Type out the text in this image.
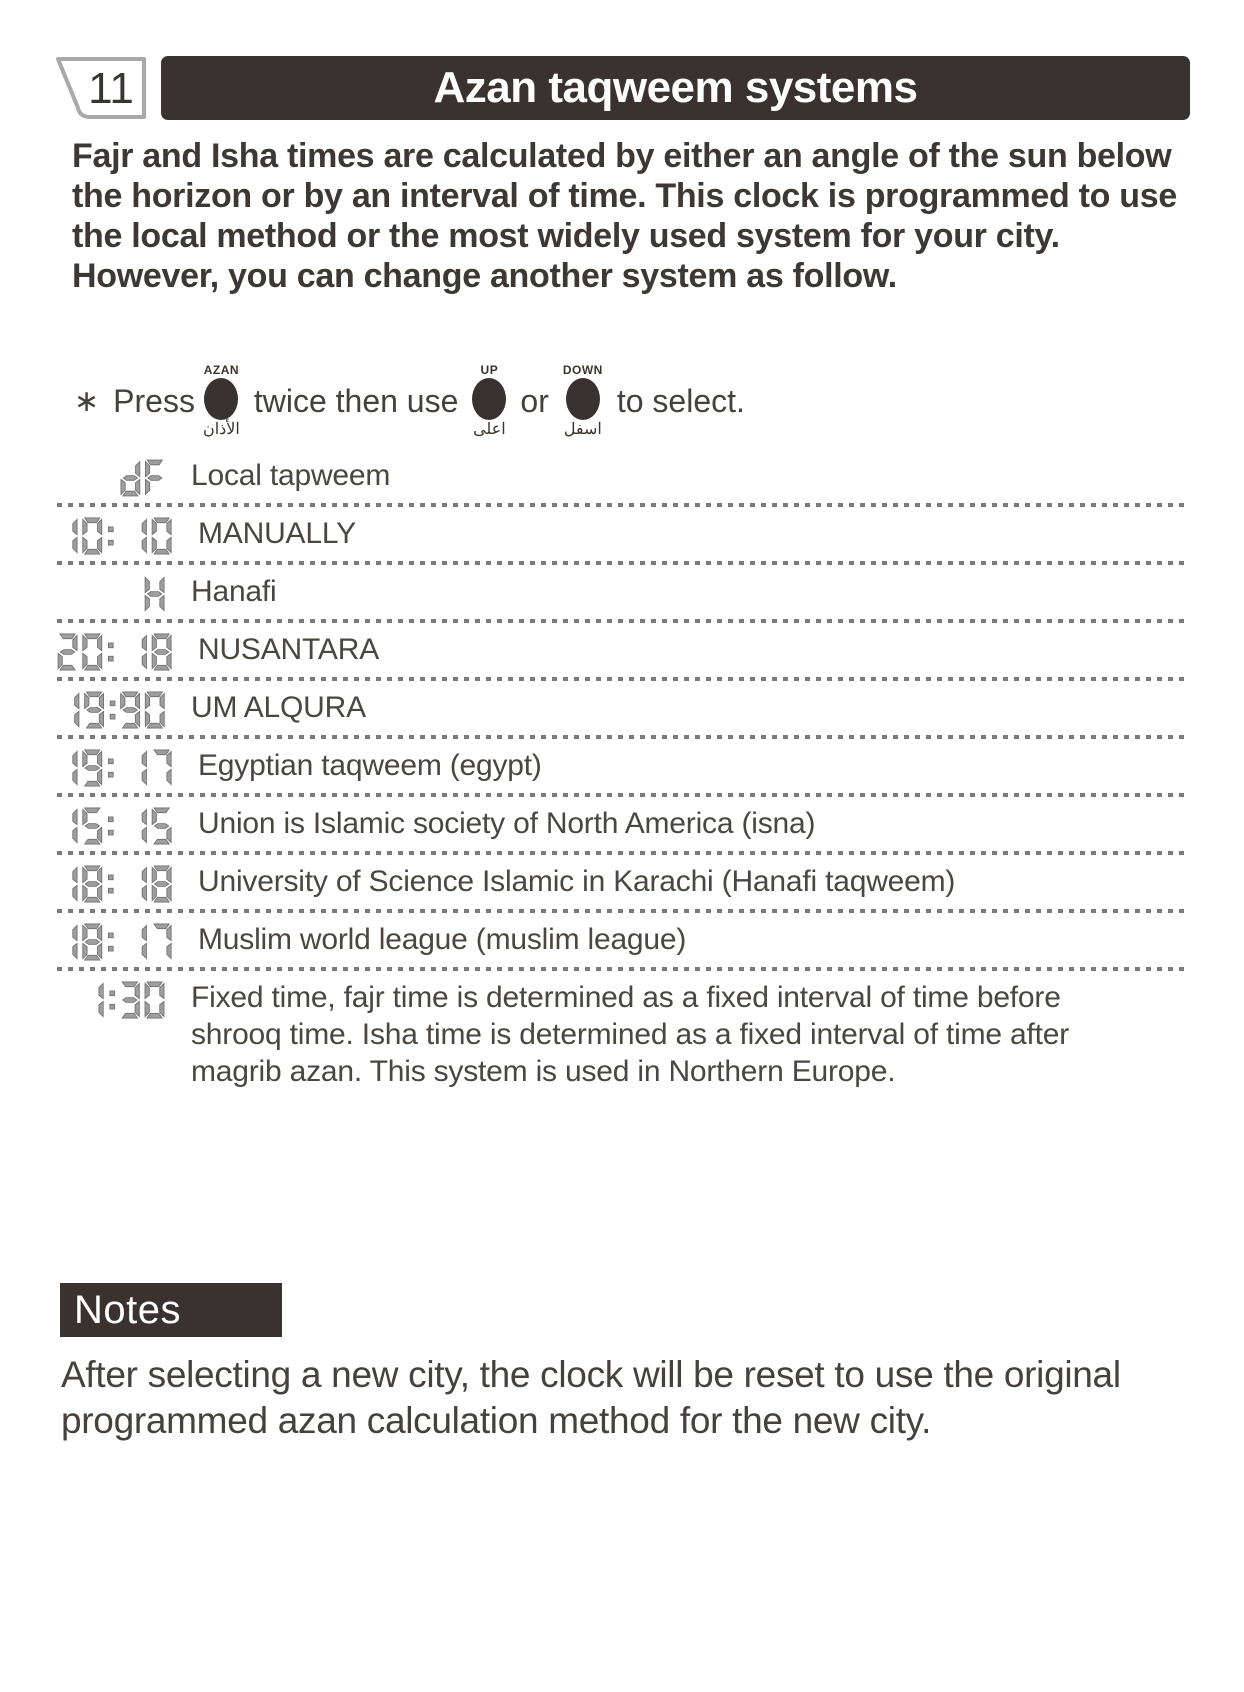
11	Azan taqweem systems
Fajr and Isha times are calculated by either an angle of the sun below the horizon or by an interval of time. This clock is programmed to use the local method or the most widely used system for your city. However, you can change another system as follow.
∗ Press
AZAN
الأذان
twice then use
UP
اعلى
or
DOWN
اسفل
to select.
Local tapweem
MANUALLY
Hanafi
NUSANTARA
UM ALQURA
Egyptian taqweem (egypt)
Union is Islamic society of North America (isna)
University of Science Islamic in Karachi (Hanafi taqweem)
Muslim world league (muslim league)
Fixed time, fajr time is determined as a fixed interval of time before shrooq time. Isha time is determined as a fixed interval of time after magrib azan. This system is used in Northern Europe.
Notes
After selecting a new city, the clock will be reset to use the original programmed azan calculation method for the new city.
